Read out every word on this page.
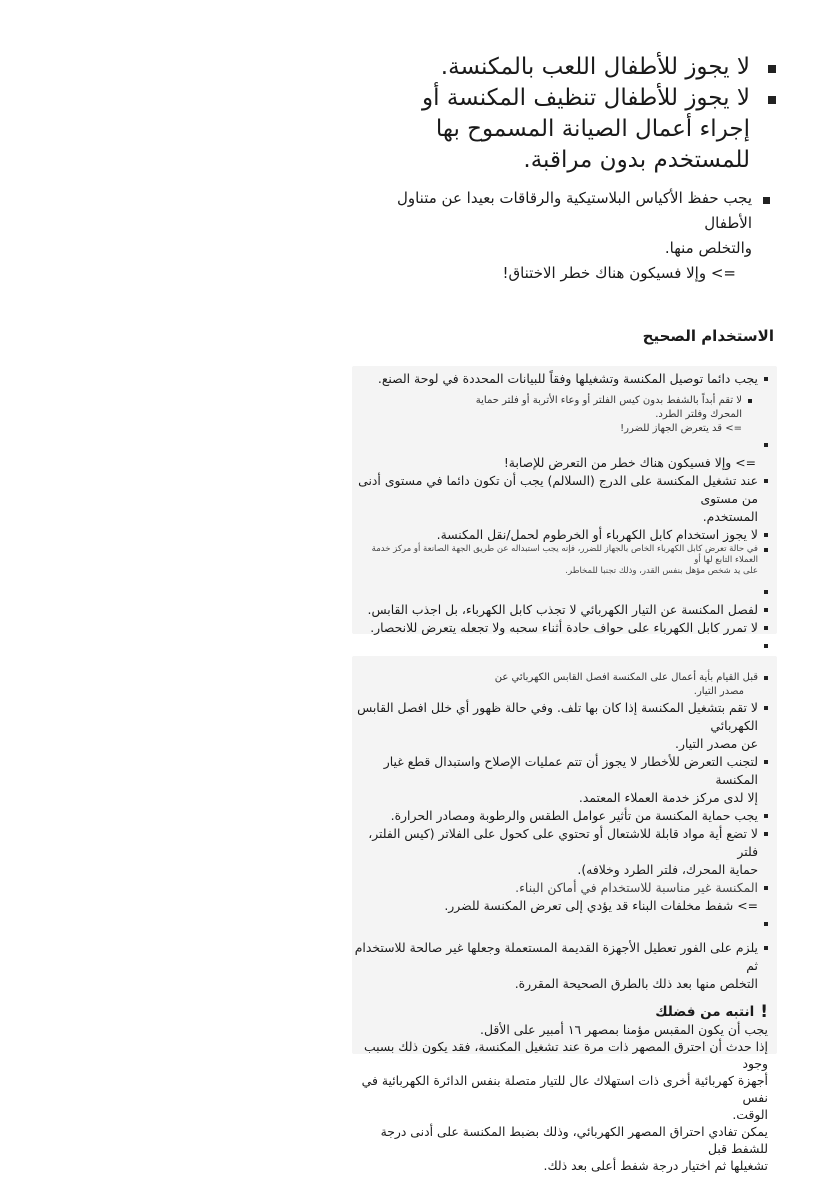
لا يجوز للأطفال اللعب بالمكنسة.
لا يجوز للأطفال تنظيف المكنسة أو
إجراء أعمال الصيانة المسموح بها
للمستخدم بدون مراقبة.
يجب حفظ الأكياس البلاستيكية والرقاقات بعيدا عن متناول الأطفال
والتخلص منها.
=> وإلا فسيكون هناك خطر الاختناق!
الاستخدام الصحيح
يجب دائما توصيل المكنسة وتشغيلها وفقاً للبيانات المحددة في لوحة الصنع.
لا تقم أبداً بالشفط بدون كيس الفلتر أو وعاء الأتربة أو فلتر حماية
المحرك وفلتر الطرد.
=> قد يتعرض الجهاز للضرر!

=> وإلا فسيكون هناك خطر من التعرض للإصابة!
عند تشغيل المكنسة على الدرج (السلالم) يجب أن تكون دائما في مستوى أدنى من مستوى
المستخدم.
لا يجوز استخدام كابل الكهرباء أو الخرطوم لحمل/نقل المكنسة.
في حالة تعرض كابل الكهرباء الخاص بالجهاز للضرر، فإنه يجب استبداله عن طريق الجهة الصانعة أو مركز خدمة العملاء التابع لها أو
على يد شخص مؤهل بنفس القدر، وذلك تجنبا للمخاطر.

لفصل المكنسة عن التيار الكهربائي لا تجذب كابل الكهرباء، بل اجذب القابس.
لا تمرر كابل الكهرباء على حواف حادة أثناء سحبه ولا تجعله يتعرض للانحصار.

قبل القيام بأية أعمال على المكنسة افصل القابس الكهربائي عن
مصدر التيار.
لا تقم بتشغيل المكنسة إذا كان بها تلف. وفي حالة ظهور أي خلل افصل القابس الكهربائي
عن مصدر التيار.
لتجنب التعرض للأخطار لا يجوز أن تتم عمليات الإصلاح واستبدال قطع غيار المكنسة
إلا لدى مركز خدمة العملاء المعتمد.
يجب حماية المكنسة من تأثير عوامل الطقس والرطوبة ومصادر الحرارة.
لا تضع أية مواد قابلة للاشتعال أو تحتوي على كحول على الفلاتر (كيس الفلتر، فلتر
حماية المحرك، فلتر الطرد وخلافه).
المكنسة غير مناسبة للاستخدام في أماكن البناء.
=> شفط مخلفات البناء قد يؤدي إلى تعرض المكنسة للضرر.

يلزم على الفور تعطيل الأجهزة القديمة المستعملة وجعلها غير صالحة للاستخدام ثم
التخلص منها بعد ذلك بالطرق الصحيحة المقررة.
!
انتبه من فضلك
يجب أن يكون المقبس مؤمنا بمصهر ١٦ أمبير على الأقل.
إذا حدث أن احترق المصهر ذات مرة عند تشغيل المكنسة، فقد يكون ذلك بسبب وجود
أجهزة كهربائية أخرى ذات استهلاك عال للتيار متصلة بنفس الدائرة الكهربائية في نفس
الوقت.
يمكن تفادي احتراق المصهر الكهربائي، وذلك بضبط المكنسة على أدنى درجة للشفط قبل
تشغيلها ثم اختيار درجة شفط أعلى بعد ذلك.
